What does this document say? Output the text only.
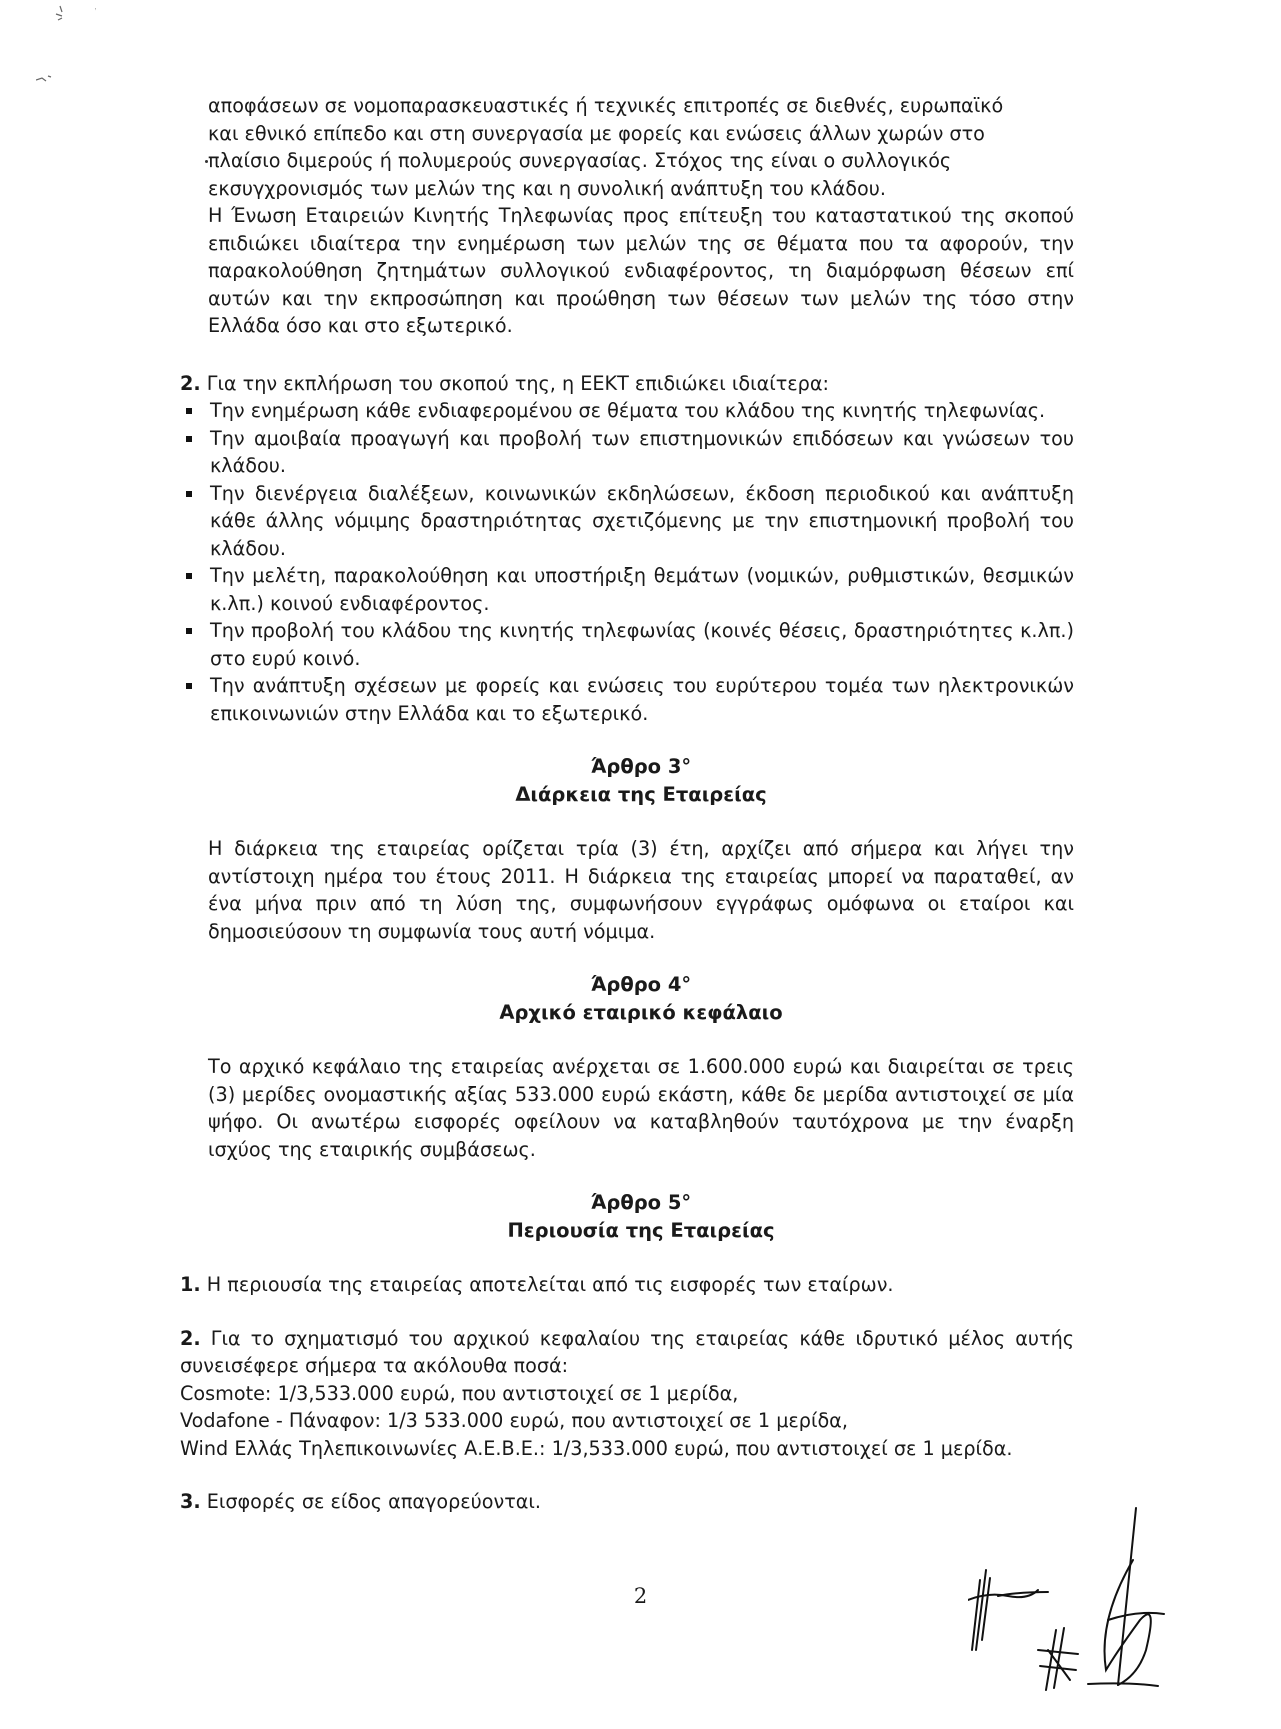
αποφάσεων σε νομοπαρασκευαστικές ή τεχνικές επιτροπές σε διεθνές, ευρωπαϊκό

και εθνικό επίπεδο και στη συνεργασία με φορείς και ενώσεις άλλων χωρών στο

πλαίσιο διμερούς ή πολυμερούς συνεργασίας. Στόχος της είναι ο συλλογικός

εκσυγχρονισμός των μελών της και η συνολική ανάπτυξη του κλάδου.

Η Ένωση Εταιρειών Κινητής Τηλεφωνίας προς επίτευξη του καταστατικού της σκοπού επιδιώκει ιδιαίτερα την ενημέρωση των μελών της σε θέματα που τα αφορούν, την παρακολούθηση ζητημάτων συλλογικού ενδιαφέροντος, τη διαμόρφωση θέσεων επί αυτών και την εκπροσώπηση και προώθηση των θέσεων των μελών της τόσο στην Ελλάδα όσο και στο εξωτερικό.

2. Για την εκπλήρωση του σκοπού της, η ΕΕΚΤ επιδιώκει ιδιαίτερα:

Την ενημέρωση κάθε ενδιαφερομένου σε θέματα του κλάδου της κινητής τηλεφωνίας.
Την αμοιβαία προαγωγή και προβολή των επιστημονικών επιδόσεων και γνώσεων του κλάδου.
Την διενέργεια διαλέξεων, κοινωνικών εκδηλώσεων, έκδοση περιοδικού και ανάπτυξη κάθε άλλης νόμιμης δραστηριότητας σχετιζόμενης με την επιστημονική προβολή του κλάδου.
Την μελέτη, παρακολούθηση και υποστήριξη θεμάτων (νομικών, ρυθμιστικών, θεσμικών κ.λπ.) κοινού ενδιαφέροντος.
Την προβολή του κλάδου της κινητής τηλεφωνίας (κοινές θέσεις, δραστηριότητες κ.λπ.) στο ευρύ κοινό.
Την ανάπτυξη σχέσεων με φορείς και ενώσεις του ευρύτερου τομέα των ηλεκτρονικών επικοινωνιών στην Ελλάδα και το εξωτερικό.
Άρθρο 3°
Διάρκεια της Εταιρείας

Η διάρκεια της εταιρείας ορίζεται τρία (3) έτη, αρχίζει από σήμερα και λήγει την αντίστοιχη ημέρα του έτους 2011. Η διάρκεια της εταιρείας μπορεί να παραταθεί, αν ένα μήνα πριν από τη λύση της, συμφωνήσουν εγγράφως ομόφωνα οι εταίροι και δημοσιεύσουν τη συμφωνία τους αυτή νόμιμα.

Άρθρο 4°
Αρχικό εταιρικό κεφάλαιο

Το αρχικό κεφάλαιο της εταιρείας ανέρχεται σε 1.600.000 ευρώ και διαιρείται σε τρεις (3) μερίδες ονομαστικής αξίας 533.000 ευρώ εκάστη, κάθε δε μερίδα αντιστοιχεί σε μία ψήφο. Οι ανωτέρω εισφορές οφείλουν να καταβληθούν ταυτόχρονα με την έναρξη ισχύος της εταιρικής συμβάσεως.

Άρθρο 5°
Περιουσία της Εταιρείας

1. Η περιουσία της εταιρείας αποτελείται από τις εισφορές των εταίρων.

2. Για το σχηματισμό του αρχικού κεφαλαίου της εταιρείας κάθε ιδρυτικό μέλος αυτής συνεισέφερε σήμερα τα ακόλουθα ποσά:

Cosmote: 1/3,533.000 ευρώ, που αντιστοιχεί σε 1 μερίδα,

Vodafone - Πάναφον: 1/3 533.000 ευρώ, που αντιστοιχεί σε 1 μερίδα,

Wind Ελλάς Τηλεπικοινωνίες Α.Ε.Β.Ε.: 1/3,533.000 ευρώ, που αντιστοιχεί σε 1 μερίδα.

3. Εισφορές σε είδος απαγορεύονται.

2
